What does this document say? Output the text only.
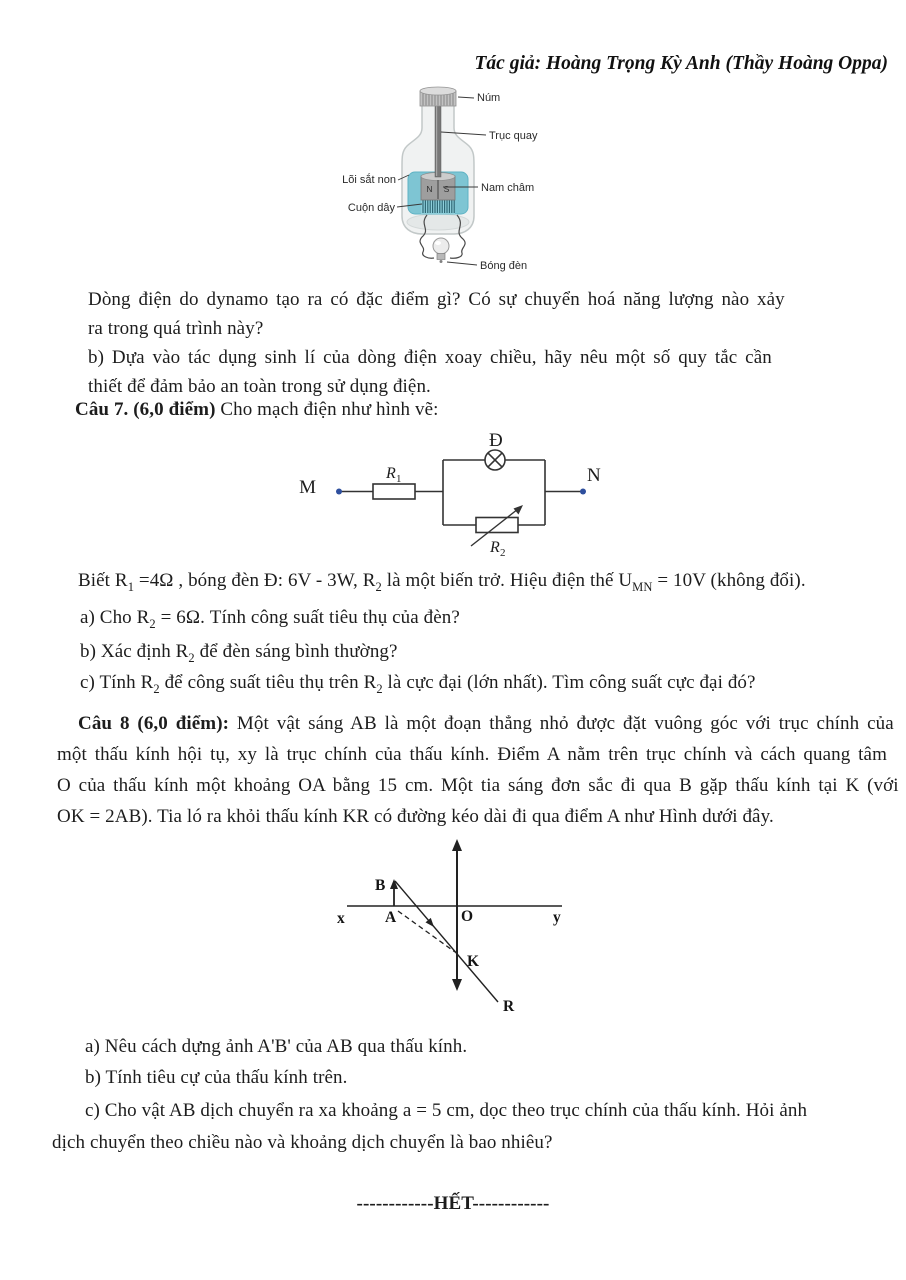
Tác giả: Hoàng Trọng Kỳ Anh (Thầy Hoàng Oppa)
N S
Núm
Trục quay
Lõi sắt non
Nam châm
Cuộn dây
Bóng đèn
Dòng điện do dynamo tạo ra có đặc điểm gì? Có sự chuyển hoá năng lượng nào xảy
ra trong quá trình này?
b) Dựa vào tác dụng sinh lí của dòng điện xoay chiều, hãy nêu một số quy tắc cần
thiết để đảm bảo an toàn trong sử dụng điện.
Câu 7. (6,0 điểm) Cho mạch điện như hình vẽ:
M
N
Đ
R 1
R 2
Biết $R_1 =4\Omega$ , bóng đèn Đ: 6V - 3W, $R_2$ là một biến trở. Hiệu điện thế $U_{MN} = 10V$ (không đổi).
a) Cho $R_2 = 6\Omega$. Tính công suất tiêu thụ của đèn?
b) Xác định $R_2$ để đèn sáng bình thường?
c) Tính $R_2$ để công suất tiêu thụ trên $R_2$ là cực đại (lớn nhất). Tìm công suất cực đại đó?
Câu 8 (6,0 điểm): Một vật sáng AB là một đoạn thẳng nhỏ được đặt vuông góc với trục chính của
một thấu kính hội tụ, xy là trục chính của thấu kính. Điểm A nằm trên trục chính và cách quang tâm
O của thấu kính một khoảng OA bằng 15 cm. Một tia sáng đơn sắc đi qua B gặp thấu kính tại K (với
OK = 2AB). Tia ló ra khỏi thấu kính KR có đường kéo dài đi qua điểm A như Hình dưới đây.
B
A	O
K
R
x	y
a) Nêu cách dựng ảnh A'B' của AB qua thấu kính.
b) Tính tiêu cự của thấu kính trên.
c) Cho vật AB dịch chuyển ra xa khoảng a = 5 cm, dọc theo trục chính của thấu kính. Hỏi ảnh
dịch chuyển theo chiều nào và khoảng dịch chuyển là bao nhiêu?
------------HẾT------------
